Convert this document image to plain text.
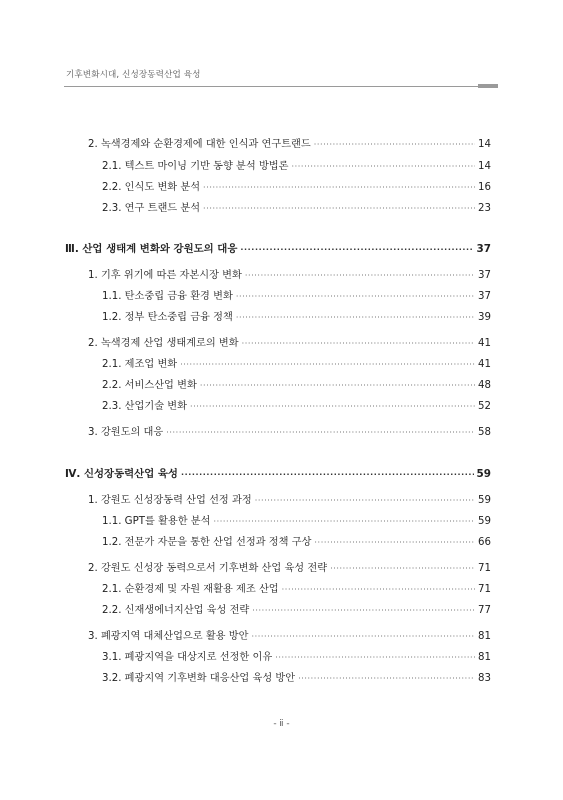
기후변화시대, 신성장동력산업 육성
2. 녹색경제와 순환경제에 대한 인식과 연구트랜드 ·····	14
2.1. 텍스트 마이닝 기반 동향 분석 방법론 ·····	14
2.2. 인식도 변화 분석 ·····	16
2.3. 연구 트랜드 분석 ·····	23
Ⅲ. 산업 생태계 변화와 강원도의 대응 ·····	37
1. 기후 위기에 따른 자본시장 변화 ·····	37
1.1. 탄소중립 금융 환경 변화 ·····	37
1.2. 정부 탄소중립 금융 정책 ·····	39
2. 녹색경제 산업 생태계로의 변화 ·····	41
2.1. 제조업 변화 ·····	41
2.2. 서비스산업 변화 ·····	48
2.3. 산업기술 변화 ·····	52
3. 강원도의 대응 ·····	58
Ⅳ. 신성장동력산업 육성 ·····	59
1. 강원도 신성장동력 산업 선정 과정 ·····	59
1.1. GPT를 활용한 분석 ·····	59
1.2. 전문가 자문을 통한 산업 선정과 정책 구상 ·····	66
2. 강원도 신성장 동력으로서 기후변화 산업 육성 전략 ·····	71
2.1. 순환경제 및 자원 재활용 제조 산업 ·····	71
2.2. 신재생에너지산업 육성 전략 ·····	77
3. 폐광지역 대체산업으로 활용 방안 ·····	81
3.1. 폐광지역을 대상지로 선정한 이유 ·····	81
3.2. 폐광지역 기후변화 대응산업 육성 방안 ·····	83
- ⅱ -
